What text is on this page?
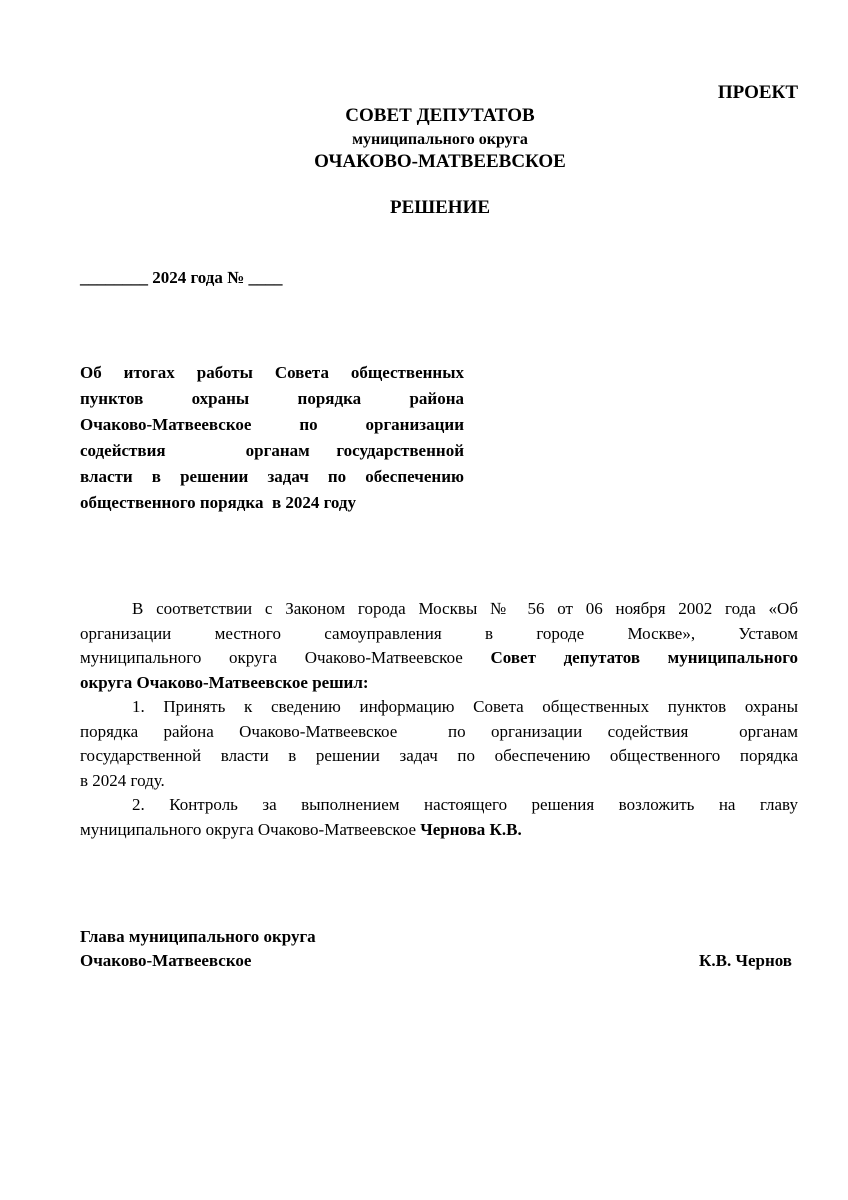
ПРОЕКТ
СОВЕТ ДЕПУТАТОВ
муниципального округа
ОЧАКОВО-МАТВЕЕВСКОЕ
РЕШЕНИЕ
________ 2024 года № ____
Об итогах работы Совета общественных
пунктов охраны порядка района
Очаково-Матвеевское по организации
содействия   органам государственной
власти в решении задач по обеспечению
общественного порядка  в 2024 году
В соответствии с Законом города Москвы № 56 от 06 ноября 2002 года «Об
организации местного самоуправления в городе Москве», Уставом
муниципального округа Очаково-Матвеевское Совет депутатов муниципального
округа Очаково-Матвеевское решил:
1. Принять к сведению информацию Совета общественных пунктов охраны
порядка района Очаково-Матвеевское  по организации содействия  органам
государственной власти в решении задач по обеспечению общественного порядка
в 2024 году.
2. Контроль за выполнением настоящего решения возложить на главу
муниципального округа Очаково-Матвеевское Чернова К.В.
Глава муниципального округа
Очаково-Матвеевское	К.В. Чернов
